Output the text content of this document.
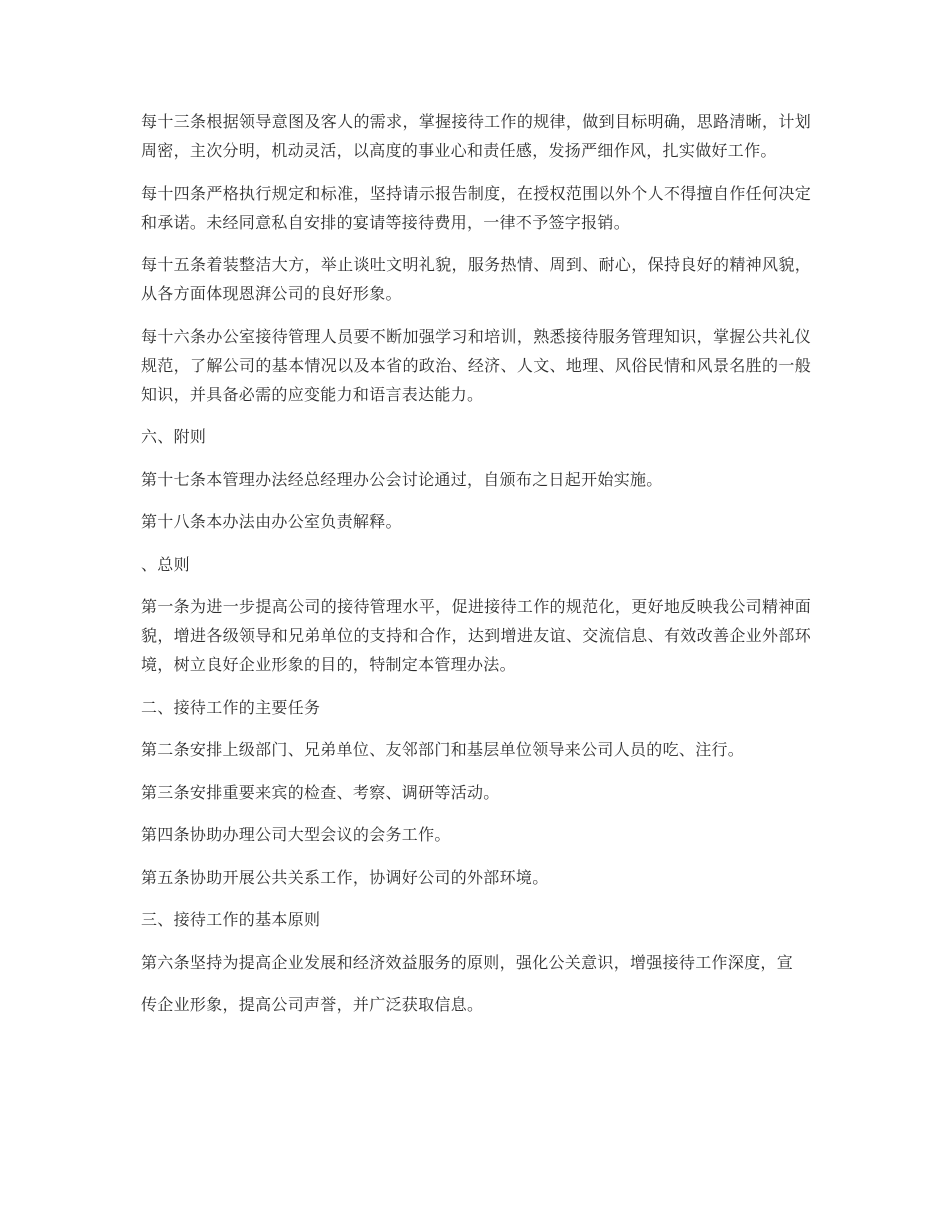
每十三条根据领导意图及客人的需求，掌握接待工作的规律，做到目标明确，思路清晰，计划周密，主次分明，机动灵活，以高度的事业心和责任感，发扬严细作风，扎实做好工作。

每十四条严格执行规定和标准，坚持请示报告制度，在授权范围以外个人不得擅自作任何决定和承诺。未经同意私自安排的宴请等接待费用，一律不予签字报销。

每十五条着装整洁大方，举止谈吐文明礼貌，服务热情、周到、耐心，保持良好的精神风貌，从各方面体现恩湃公司的良好形象。

每十六条办公室接待管理人员要不断加强学习和培训，熟悉接待服务管理知识，掌握公共礼仪规范，了解公司的基本情况以及本省的政治、经济、人文、地理、风俗民情和风景名胜的一般知识，并具备必需的应变能力和语言表达能力。

六、附则

第十七条本管理办法经总经理办公会讨论通过，自颁布之日起开始实施。

第十八条本办法由办公室负责解释。

、总则

第一条为进一步提高公司的接待管理水平，促进接待工作的规范化，更好地反映我公司精神面貌，增进各级领导和兄弟单位的支持和合作，达到增进友谊、交流信息、有效改善企业外部环境，树立良好企业形象的目的，特制定本管理办法。

二、接待工作的主要任务

第二条安排上级部门、兄弟单位、友邻部门和基层单位领导来公司人员的吃、注行。

第三条安排重要来宾的检查、考察、调研等活动。

第四条协助办理公司大型会议的会务工作。

第五条协助开展公共关系工作，协调好公司的外部环境。

三、接待工作的基本原则

第六条坚持为提高企业发展和经济效益服务的原则，强化公关意识，增强接待工作深度，宣

传企业形象，提高公司声誉，并广泛获取信息。
